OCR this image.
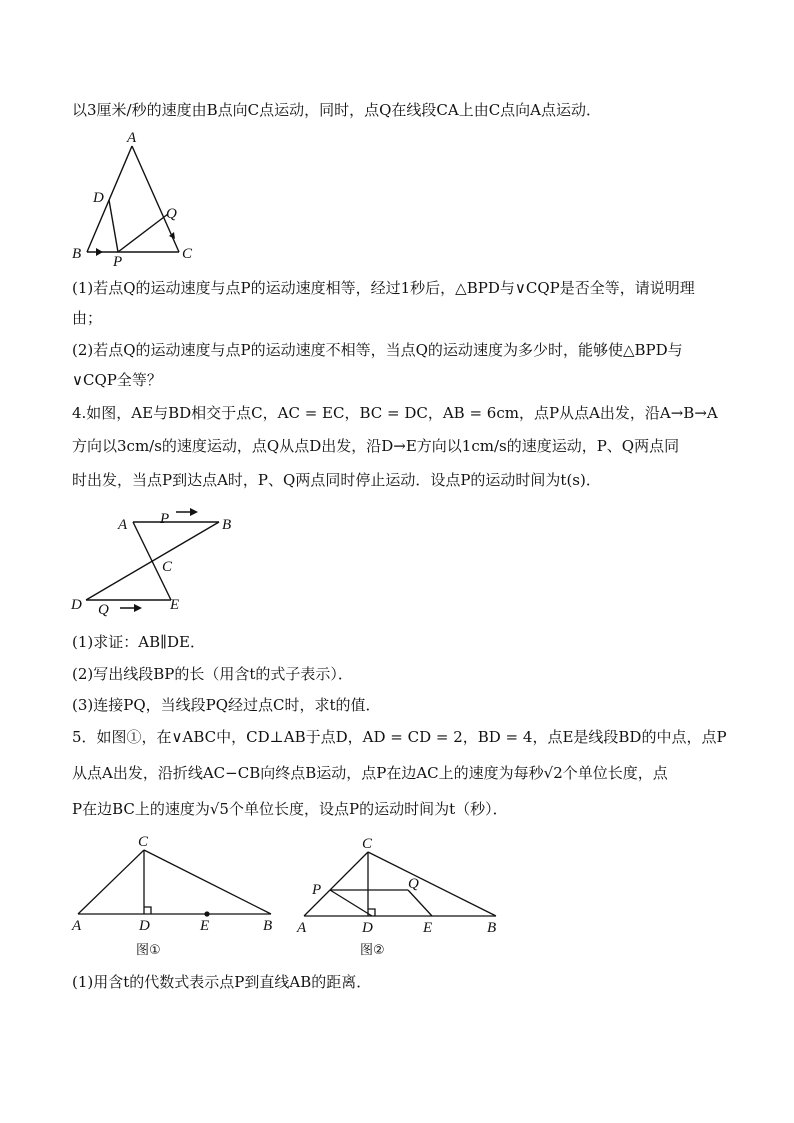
以3厘米/秒的速度由B点向C点运动，同时，点Q在线段CA上由C点向A点运动．
A
D
Q
B	C
P
(1)若点Q的运动速度与点P的运动速度相等，经过1秒后，△BPD与∨CQP是否全等，请说明理
由；
(2)若点Q的运动速度与点P的运动速度不相等，当点Q的运动速度为多少时，能够使△BPD与
∨CQP全等？
4.如图，AE与BD相交于点C，AC = EC，BC = DC，AB = 6cm，点P从点A出发，沿A→B→A
方向以3cm/s的速度运动，点Q从点D出发，沿D→E方向以1cm/s的速度运动，P、Q两点同
时出发，当点P到达点A时，P、Q两点同时停止运动．设点P的运动时间为t(s)．
A P	B
C
D Q	E
(1)求证：AB∥DE．
(2)写出线段BP的长（用含t的式子表示）．
(3)连接PQ，当线段PQ经过点C时，求t的值．
5．如图①，在∨ABC中，CD⊥AB于点D，AD = CD = 2，BD = 4，点E是线段BD的中点，点P
从点A出发，沿折线AC−CB向终点B运动，点P在边AC上的速度为每秒√2个单位长度，点
P在边BC上的速度为√5个单位长度，设点P的运动时间为t（秒）．
C
A	D	E	B
图①
C
P	Q
A	D	E	B
图②
(1)用含t的代数式表示点P到直线AB的距离．
